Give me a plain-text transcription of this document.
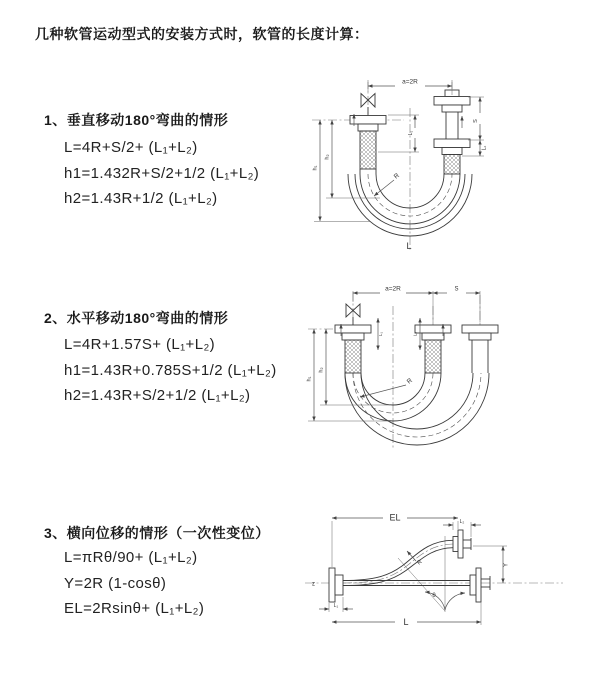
几种软管运动型式的安装方式时，软管的长度计算：
1、垂直移动180°弯曲的情形
L=4R+S/2+ (L₁+L₂)
h1=1.432R+S/2+1/2 (L₁+L₂)
h2=1.43R+1/2 (L₁+L₂)
2、水平移动180°弯曲的情形
L=4R+1.57S+ (L₁+L₂)
h1=1.43R+0.785S+1/2 (L₁+L₂)
h2=1.43R+S/2+1/2 (L₁+L₂)
3、横向位移的情形（一次性变位）
L=πRθ/90+ (L₁+L₂)
Y=2R (1-cosθ)
EL=2Rsinθ+ (L₁+L₂)
a=2R
S
L₂
L₁
h₁
h₂
R
L
a=2R	S
L₁	L₂
h₁
h₂
R
EL	L₂
Y
L₁
L
R
θ
z
